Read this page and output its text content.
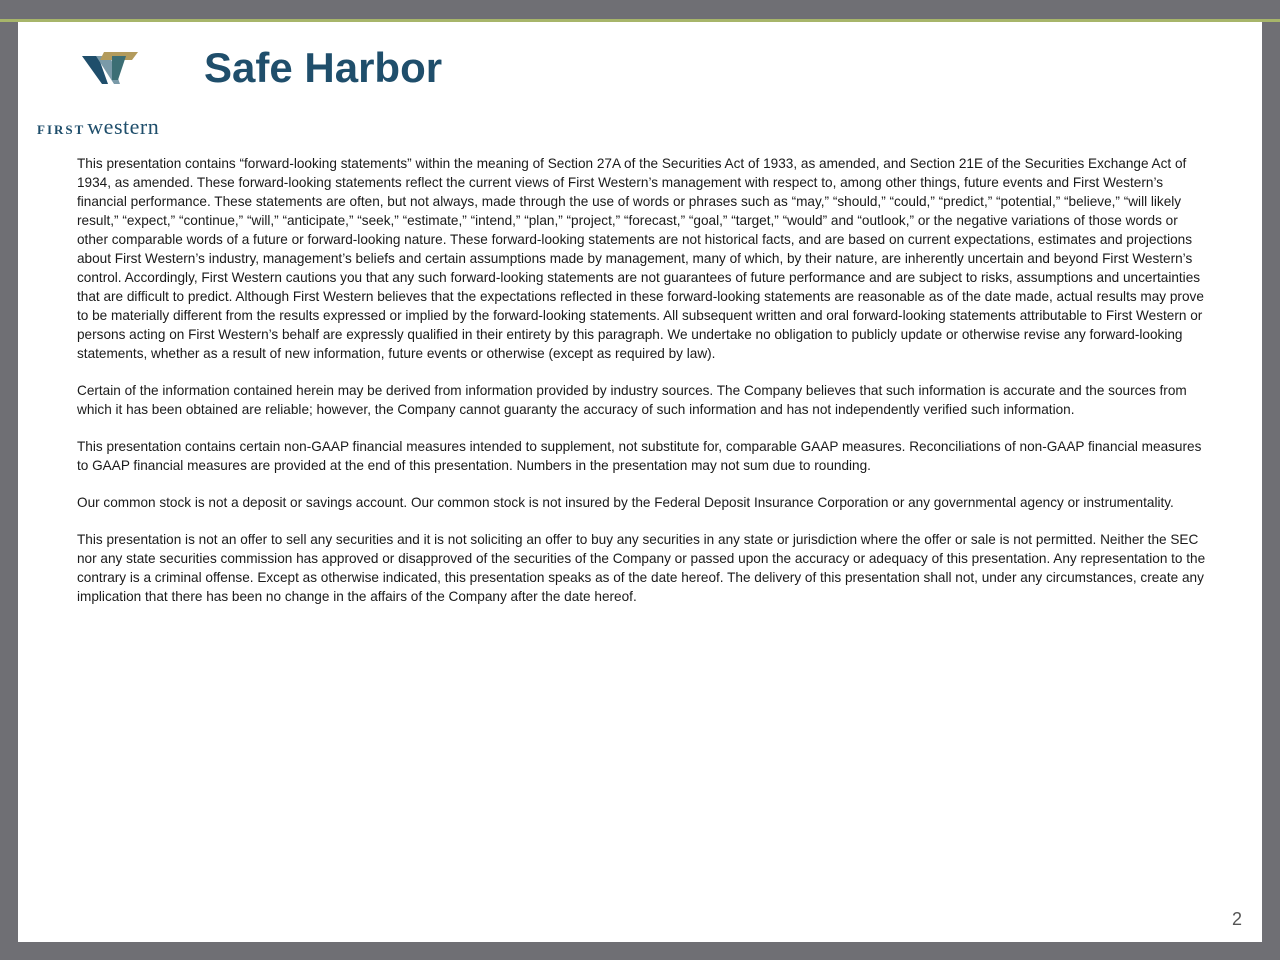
FIRSTwestern
Safe Harbor

This presentation contains “forward-looking statements” within the meaning of Section 27A of the Securities Act of 1933, as amended, and Section 21E of the Securities Exchange Act of 1934, as amended. These forward-looking statements reflect the current views of First Western’s management with respect to, among other things, future events and First Western’s financial performance. These statements are often, but not always, made through the use of words or phrases such as “may,” “should,” “could,” “predict,” “potential,” “believe,” “will likely result,” “expect,” “continue,” “will,” “anticipate,” “seek,” “estimate,” “intend,” “plan,” “project,” “forecast,” “goal,” “target,” “would” and “outlook,” or the negative variations of those words or other comparable words of a future or forward-looking nature. These forward-looking statements are not historical facts, and are based on current expectations, estimates and projections about First Western’s industry, management’s beliefs and certain assumptions made by management, many of which, by their nature, are inherently uncertain and beyond First Western’s control. Accordingly, First Western cautions you that any such forward-looking statements are not guarantees of future performance and are subject to risks, assumptions and uncertainties that are difficult to predict. Although First Western believes that the expectations reflected in these forward-looking statements are reasonable as of the date made, actual results may prove to be materially different from the results expressed or implied by the forward-looking statements. All subsequent written and oral forward-looking statements attributable to First Western or persons acting on First Western’s behalf are expressly qualified in their entirety by this paragraph. We undertake no obligation to publicly update or otherwise revise any forward-looking statements, whether as a result of new information, future events or otherwise (except as required by law).

Certain of the information contained herein may be derived from information provided by industry sources. The Company believes that such information is accurate and the sources from which it has been obtained are reliable; however, the Company cannot guaranty the accuracy of such information and has not independently verified such information.

This presentation contains certain non-GAAP financial measures intended to supplement, not substitute for, comparable GAAP measures. Reconciliations of non-GAAP financial measures to GAAP financial measures are provided at the end of this presentation. Numbers in the presentation may not sum due to rounding.

Our common stock is not a deposit or savings account. Our common stock is not insured by the Federal Deposit Insurance Corporation or any governmental agency or instrumentality.

This presentation is not an offer to sell any securities and it is not soliciting an offer to buy any securities in any state or jurisdiction where the offer or sale is not permitted. Neither the SEC nor any state securities commission has approved or disapproved of the securities of the Company or passed upon the accuracy or adequacy of this presentation. Any representation to the contrary is a criminal offense. Except as otherwise indicated, this presentation speaks as of the date hereof. The delivery of this presentation shall not, under any circumstances, create any implication that there has been no change in the affairs of the Company after the date hereof.

2
